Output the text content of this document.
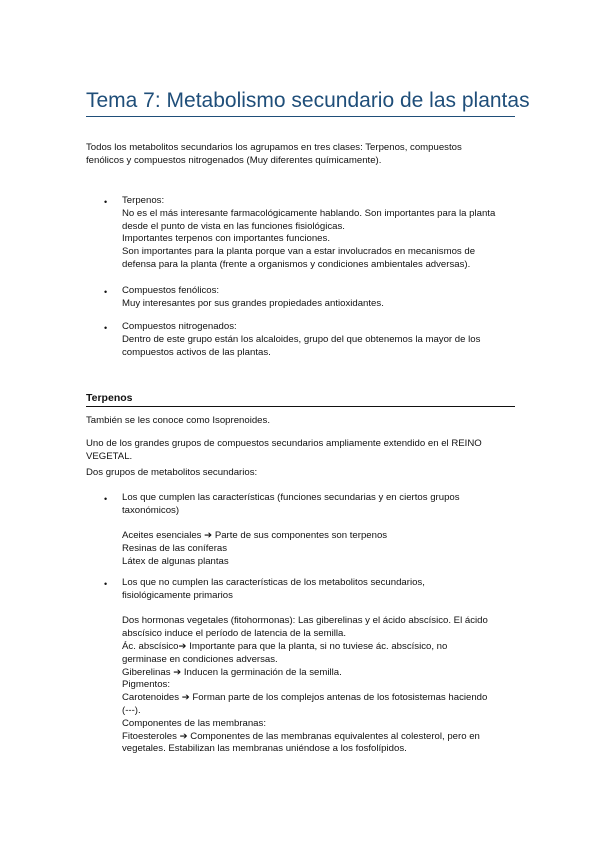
Tema 7: Metabolismo secundario de las plantas
Todos los metabolitos secundarios los agrupamos en tres clases: Terpenos, compuestos
fenólicos y compuestos nitrogenados (Muy diferentes químicamente).
•	Terpenos:
No es el más interesante farmacológicamente hablando. Son importantes para la planta
desde el punto de vista en las funciones fisiológicas.
Importantes terpenos con importantes funciones.
Son importantes para la planta porque van a estar involucrados en mecanismos de
defensa para la planta (frente a organismos y condiciones ambientales adversas).
•	Compuestos fenólicos:
Muy interesantes por sus grandes propiedades antioxidantes.
•	Compuestos nitrogenados:
Dentro de este grupo están los alcaloides, grupo del que obtenemos la mayor de los
compuestos activos de las plantas.
Terpenos
También se les conoce como Isoprenoides.
Uno de los grandes grupos de compuestos secundarios ampliamente extendido en el REINO
VEGETAL.
Dos grupos de metabolitos secundarios:
•	Los que cumplen las características (funciones secundarias y en ciertos grupos
taxonómicos)
Aceites esenciales ➔ Parte de sus componentes son terpenos
Resinas de las coníferas
Látex de algunas plantas
•	Los que no cumplen las características de los metabolitos secundarios,
fisiológicamente primarios
Dos hormonas vegetales (fitohormonas): Las giberelinas y el ácido abscísico. El ácido
abscísico induce el período de latencia de la semilla.
Ác. abscísico➔ Importante para que la planta, si no tuviese ác. abscísico, no
germinase en condiciones adversas.
Giberelinas ➔ Inducen la germinación de la semilla.
Pigmentos:
Carotenoides ➔ Forman parte de los complejos antenas de los fotosistemas haciendo
(---).
Componentes de las membranas:
Fitoesteroles ➔ Componentes de las membranas equivalentes al colesterol, pero en
vegetales. Estabilizan las membranas uniéndose a los fosfolípidos.
